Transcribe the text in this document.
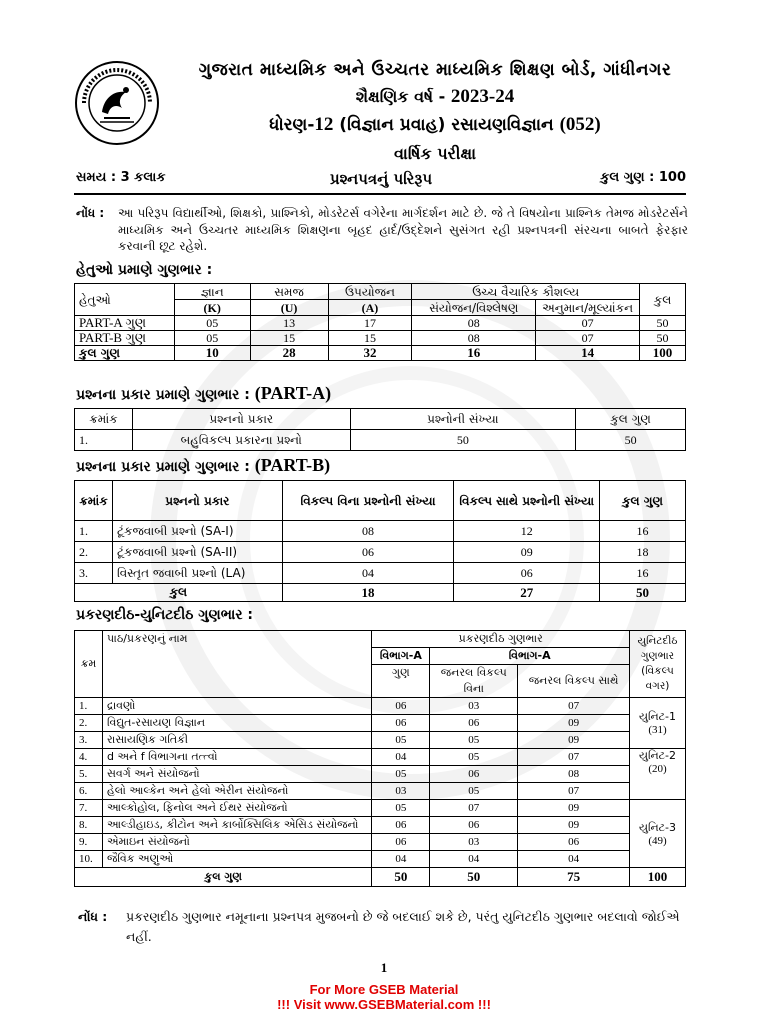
ગુજરાત માધ્યમિક અને ઉચ્ચતર માધ્યમિક શિક્ષણ બોર્ડ, ગાંધીનગર
શૈક્ષણિક વર્ષ - 2023-24
ધોરણ-12 (વિજ્ઞાન પ્રવાહ) રસાયણવિજ્ઞાન (052)
વાર્ષિક પરીક્ષા
સમય : 3 કલાક	પ્રશ્નપત્રનું પરિરૂપ	કુલ ગુણ : 100
નોંધ : આ પરિરૂપ વિદ્યાર્થીઓ, શિક્ષકો, પ્રાશ્નિકો, મોડરેટર્સ વગેરેના માર્ગદર્શન માટે છે. જે તે વિષયોના પ્રાશ્નિક તેમજ મોડરેટર્સને માધ્યમિક અને ઉચ્ચતર માધ્યમિક શિક્ષણના બૃહદ હાર્દ/ઉદ્દેશને સુસંગત રહી પ્રશ્નપત્રની સંરચના બાબતે ફેરફાર કરવાની છૂટ રહેશે.
હેતુઓ પ્રમાણે ગુણભાર :
હેતુઓ	જ્ઞાન	સમજ	ઉપયોજન	ઉચ્ચ વૈચારિક કૌશલ્ય		કુલ
	(K)	(U)	(A)	સંયોજન/વિશ્લેષણ	અનુમાન/મૂલ્યાંકન	
PART-A ગુણ	05	13	17	08	07	50
PART-B ગુણ	05	15	15	08	07	50
કુલ ગુણ	10	28	32	16	14	100
પ્રશ્નના પ્રકાર પ્રમાણે ગુણભાર : (PART-A)
ક્રમાંક	પ્રશ્નનો પ્રકાર	પ્રશ્નોની સંખ્યા	કુલ ગુણ
1.	બહુવિકલ્પ પ્રકારના પ્રશ્નો	50	50
પ્રશ્નના પ્રકાર પ્રમાણે ગુણભાર : (PART-B)
ક્રમાંક	પ્રશ્નનો પ્રકાર	વિકલ્પ વિના પ્રશ્નોની સંખ્યા	વિકલ્પ સાથે પ્રશ્નોની સંખ્યા	કુલ ગુણ
1.	ટૂંકજવાબી પ્રશ્નો (SA-I)	08	12	16
2.	ટૂંકજવાબી પ્રશ્નો (SA-II)	06	09	18
3.	વિસ્તૃત જવાબી પ્રશ્નો (LA)	04	06	16
કુલ		18	27	50
પ્રકરણદીઠ-યુનિટદીઠ ગુણભાર :
ક્રમ	પાઠ/પ્રકરણનું નામ	પ્રકરણદીઠ ગુણભાર			યુનિટદીઠ ગુણભાર (વિકલ્પ વગર)
		વિભાગ-A	વિભાગ-A		
		ગુણ	જનરલ વિકલ્પ વિના	જનરલ વિકલ્પ સાથે	
1.	દ્રાવણો	06	03	07	યુનિટ-1
(31)

2.	વિદ્યુત-રસાયણ વિજ્ઞાન	06	06	09	
3.	રાસાયણિક ગતિકી	05	05	09	
4.	d અને f વિભાગના તત્ત્વો	04	05	07	યુનિટ-2
(20)

5.	સવર્ગ અને સંયોજનો	05	06	08	
6.	હેલો આલ્કેન અને હેલો એરીન સંયોજનો	03	05	07	
7.	આલ્કોહોલ, ફિનોલ અને ઈથર સંયોજનો	05	07	09	યુનિટ-3
(49)

8.	આલ્ડીહાઇડ, કીટોન અને કાર્બોક્સિલિક એસિડ સંયોજનો	06	06	09	
9.	એમાઇન સંયોજનો	06	03	06	
10.	જૈવિક અણુઓ	04	04	04	
કુલ ગુણ		50	50	75	100
નોંધ : પ્રકરણદીઠ ગુણભાર નમૂનાના પ્રશ્નપત્ર મુજબનો છે જે બદલાઈ શકે છે, પરંતુ યુનિટદીઠ ગુણભાર બદલાવો જોઈએ નહીં.
1
For More GSEB Material
!!! Visit www.GSEBMaterial.com !!!
